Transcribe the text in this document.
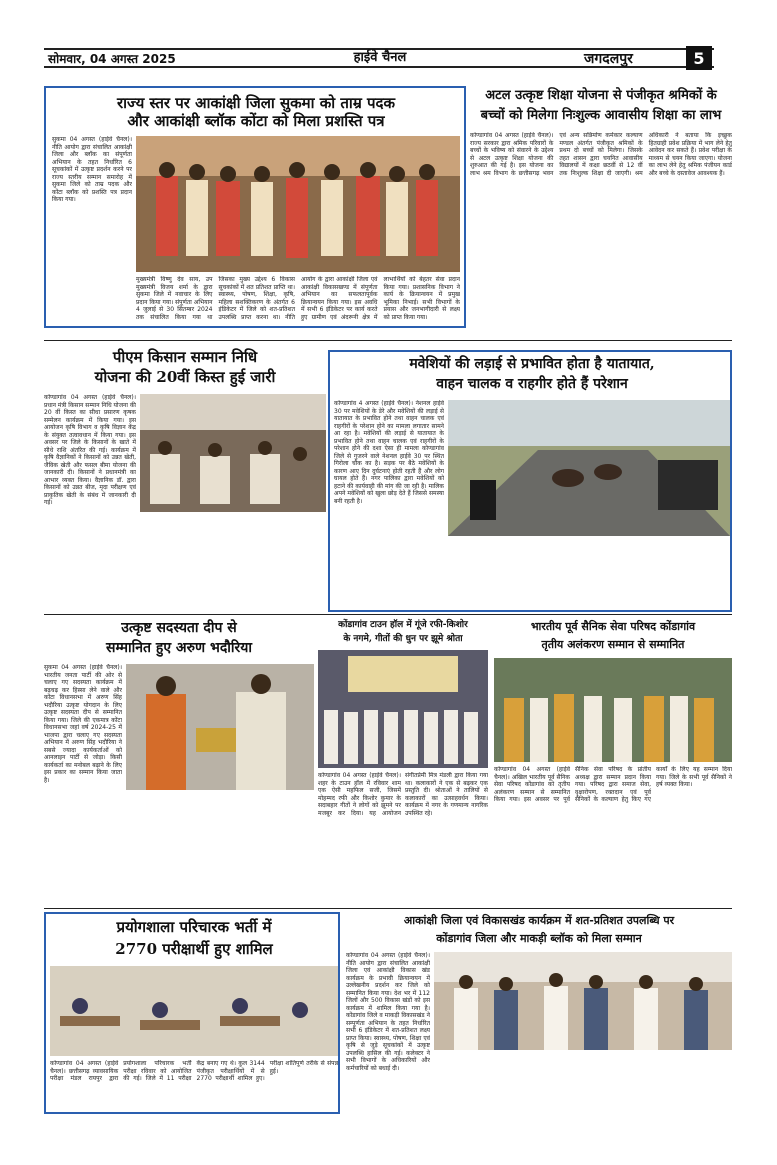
सोमवार, 04 अगस्त 2025	हाईवे चैनल	जगदलपुर	5
राज्य स्तर पर आकांक्षी जिला सुकमा को ताम्र पदक
और आकांक्षी ब्लॉक कोंटा को मिला प्रशस्ति पत्र
सुकमा 04 अगस्त (हाईवे चैनल)। नीति आयोग द्वारा संचालित आकांक्षी जिला और ब्लॉक का संपूर्णता अभियान के तहत निर्धारित 6 सूचकांकों में उत्कृष्ट प्रदर्शन करने पर राज्य स्तरीय सम्मान समारोह में सुकमा जिले को ताम्र पदक और कोंटा ब्लॉक को प्रशस्ति पत्र प्रदान किया गया।
मुख्यमंत्री विष्णु देव साय, उप मुख्यमंत्री विजय शर्मा के द्वारा सुकमा जिले में नवाचार के लिए प्रदान किया गया। संपूर्णता अभियान 4 जुलाई से 30 सितम्बर 2024 तक संचालित किया गया था जिसका मुख्य उद्देश्य 6 विकास सूचकांकों में शत प्रतिशत प्राप्ति था। स्वास्थ्य, पोषण, शिक्षा, कृषि, महिला सशक्तिकरण के अंतर्गत 6 इंडिकेटर में जिले को शत-प्रतिशत उपलब्धि प्राप्त करना था। नीति आयोग के द्वारा आकांक्षी जिला एवं आकांक्षी विकासखण्ड में संपूर्णता अभियान का सफलतापूर्वक क्रियान्वयन किया गया। इस अवधि में सभी 6 इंडिकेटर पर कार्य करते हुए ग्रामीण एवं अंदरूनी क्षेत्र में लाभार्थियों को बेहतर सेवा प्रदान किया गया। प्रशासनिक विभाग ने कार्य के क्रियान्वयन में प्रमुख भूमिका निभाई। सभी विभागों के प्रयास और जनभागीदारी से लक्ष्य को प्राप्त किया गया।
अटल उत्कृष्ट शिक्षा योजना से पंजीकृत श्रमिकों के
बच्चों को मिलेगा निःशुल्क आवासीय शिक्षा का लाभ
कोण्डागांव 04 अगस्त (हाईवे चैनल)। राज्य सरकार द्वारा श्रमिक परिवारों के बच्चों के भविष्य को संवारने के उद्देश्य से अटल उत्कृष्ट शिक्षा योजना की शुरुआत की गई है। इस योजना का लाभ श्रम विभाग के छत्तीसगढ़ भवन एवं अन्य सन्निर्माण कर्मकार कल्याण मण्डल अंतर्गत पंजीकृत श्रमिकों के प्रथम दो बच्चों को मिलेगा। जिसके तहत शासन द्वारा चयनित आवासीय विद्यालयों में कक्षा छठवीं से 12 वीं तक निःशुल्क शिक्षा दी जाएगी। श्रम अधिकारी ने बताया कि इच्छुक हितग्राही प्रवेश प्रक्रिया में भाग लेने हेतु आवेदन कर सकते हैं। प्रवेश परीक्षा के माध्यम से चयन किया जाएगा। योजना का लाभ लेने हेतु श्रमिक पंजीयन कार्ड और बच्चे के दस्तावेज आवश्यक हैं।
पीएम किसान सम्मान निधि
योजना की 20वीं किस्त हुई जारी
कोण्डागांव 04 अगस्त (हाईवे चैनल)। प्रधान मंत्री किसान सम्मान निधि योजना की 20 वीं किस्त का सीधा प्रसारण कृषक सम्मेलन कार्यक्रम में किया गया। इस आयोजन कृषि विभाग व कृषि विज्ञान केंद्र के संयुक्त तत्वावधान में किया गया। इस अवसर पर जिले के किसानों के खाते में सीधे राशि अंतरित की गई। कार्यक्रम में कृषि वैज्ञानिकों ने किसानों को उन्नत खेती, जैविक खेती और फसल बीमा योजना की जानकारी दी। किसानों ने प्रधानमंत्री का आभार व्यक्त किया। वैज्ञानिक डॉ. द्वारा किसानों को उन्नत बीज, मृदा परीक्षण एवं प्राकृतिक खेती के संबंध में जानकारी दी गई।
मवेशियों की लड़ाई से प्रभावित होता है यातायात,
वाहन चालक व राहगीर होते हैं परेशान
कोण्डागांव 4 अगस्त (हाईवे चैनल)। नेशनल हाईवे 30 पर मवेशियों के डेरे और मवेशियों की लड़ाई से यातायात के प्रभावित होने तथा वाहन चालक एवं राहगीरों के परेशान होने का मामला लगातार सामने आ रहा है। मवेशियों की लड़ाई से यातायात के प्रभावित होने तथा वाहन चालक एवं राहगीरों के परेशान होने की दशा ऐसा ही मामला कोण्डागांव जिले से गुजरने वाले नेशनल हाईवे 30 पर स्थित गिरोला चौक का है। सड़क पर बैठे मवेशियों के कारण आए दिन दुर्घटनाएं होती रहती हैं और लोग घायल होते हैं। नगर पालिका द्वारा मवेशियों को हटाने की कार्यवाही की मांग की जा रही है। मालिक अपने मवेशियों को खुला छोड़ देते हैं जिससे समस्या बनी रहती है।
उत्कृष्ट सदस्यता दीप से
सम्मानित हुए अरुण भदौरिया
सुकमा 04 अगस्त (हाईवे चैनल)। भारतीय जनता पार्टी की ओर से चलाए गए सदस्यता कार्यक्रम में बढ़चढ़ कर हिस्सा लेने वाले और कोंटा विधानसभा में अरुण सिंह भदौरिया उत्कृष्ट योगदान के लिए उत्कृष्ट सदस्यता दीप से सम्मानित किया गया। जिले की एकमात्र कोंटा विधानसभा जहां वर्ष 2024-25 में भाजपा द्वारा चलाए गए सदस्यता अभियान में अरुण सिंह भदौरिया ने सबसे ज्यादा कार्यकर्ताओं को आनलाइन पार्टी से जोड़ा। किसी कार्यकर्ता का मनोबल बढ़ाने के लिए इस प्रकार का सम्मान किया जाता है।
कोंडागांव टाउन हॉल में गूंजे रफी-किशोर
के नगमे, गीतों की धुन पर झूमे श्रोता
कोण्डागांव 04 अगस्त (हाईवे चैनल)। शहर के टाउन हॉल में रविवार शाम एक ऐसी महफिल सजी, जिसमें मोहम्मद रफी और किशोर कुमार के सदाबहार गीतों ने लोगों को झूमने पर मजबूर कर दिया। यह आयोजन संगीतप्रेमी मित्र मंडली द्वारा किया गया था। कलाकारों ने एक से बढ़कर एक प्रस्तुति दी। श्रोताओं ने तालियों से कलाकारों का उत्साहवर्धन किया। कार्यक्रम में नगर के गणमान्य नागरिक उपस्थित रहे।
भारतीय पूर्व सैनिक सेवा परिषद कोंडागांव
तृतीय अलंकरण सम्मान से सम्मानित
कोण्डागांव 04 अगस्त (हाईवे चैनल)। अखिल भारतीय पूर्व सैनिक सेवा परिषद कोंडागांव को तृतीय अलंकरण सम्मान से सम्मानित किया गया। इस अवसर पर पूर्व सैनिक सेवा परिषद के प्रांतीय अध्यक्ष द्वारा सम्मान प्रदान किया गया। परिषद द्वारा समाज सेवा, वृक्षारोपण, रक्तदान एवं पूर्व सैनिकों के कल्याण हेतु किए गए कार्यों के लिए यह सम्मान दिया गया। जिले के सभी पूर्व सैनिकों ने हर्ष व्यक्त किया।
प्रयोगशाला परिचारक भर्ती में
2770 परीक्षार्थी हुए शामिल
कोण्डागांव 04 अगस्त (हाईवे चैनल)। छत्तीसगढ़ व्यावसायिक परीक्षा मंडल रायपुर द्वारा प्रयोगशाला परिचारक भर्ती परीक्षा रविवार को आयोजित की गई। जिले में 11 परीक्षा केंद्र बनाए गए थे। कुल 3144 पंजीकृत परीक्षार्थियों में से 2770 परीक्षार्थी शामिल हुए। परीक्षा शांतिपूर्ण तरीके से संपन्न हुई।
आकांक्षी जिला एवं विकासखंड कार्यक्रम में शत-प्रतिशत उपलब्धि पर
कोंडागांव जिला और माकड़ी ब्लॉक को मिला सम्मान
कोण्डागांव 04 अगस्त (हाईवे चैनल)। नीति आयोग द्वारा संचालित आकांक्षी जिला एवं आकांक्षी विकास खंड कार्यक्रम के प्रभावी क्रियान्वयन में उल्लेखनीय प्रदर्शन कर जिले को सम्मानित किया गया। देश भर में 112 जिलों और 500 विकास खंडों को इस कार्यक्रम में शामिल किया गया है। कोंडागांव जिले व माकड़ी विकासखंड ने सम्पूर्णता अभियान के तहत निर्धारित सभी 6 इंडिकेटर में शत-प्रतिशत लक्ष्य प्राप्त किया। स्वास्थ्य, पोषण, शिक्षा एवं कृषि से जुड़े सूचकांकों में उत्कृष्ट उपलब्धि हासिल की गई। कलेक्टर ने सभी विभागों के अधिकारियों और कर्मचारियों को बधाई दी।
